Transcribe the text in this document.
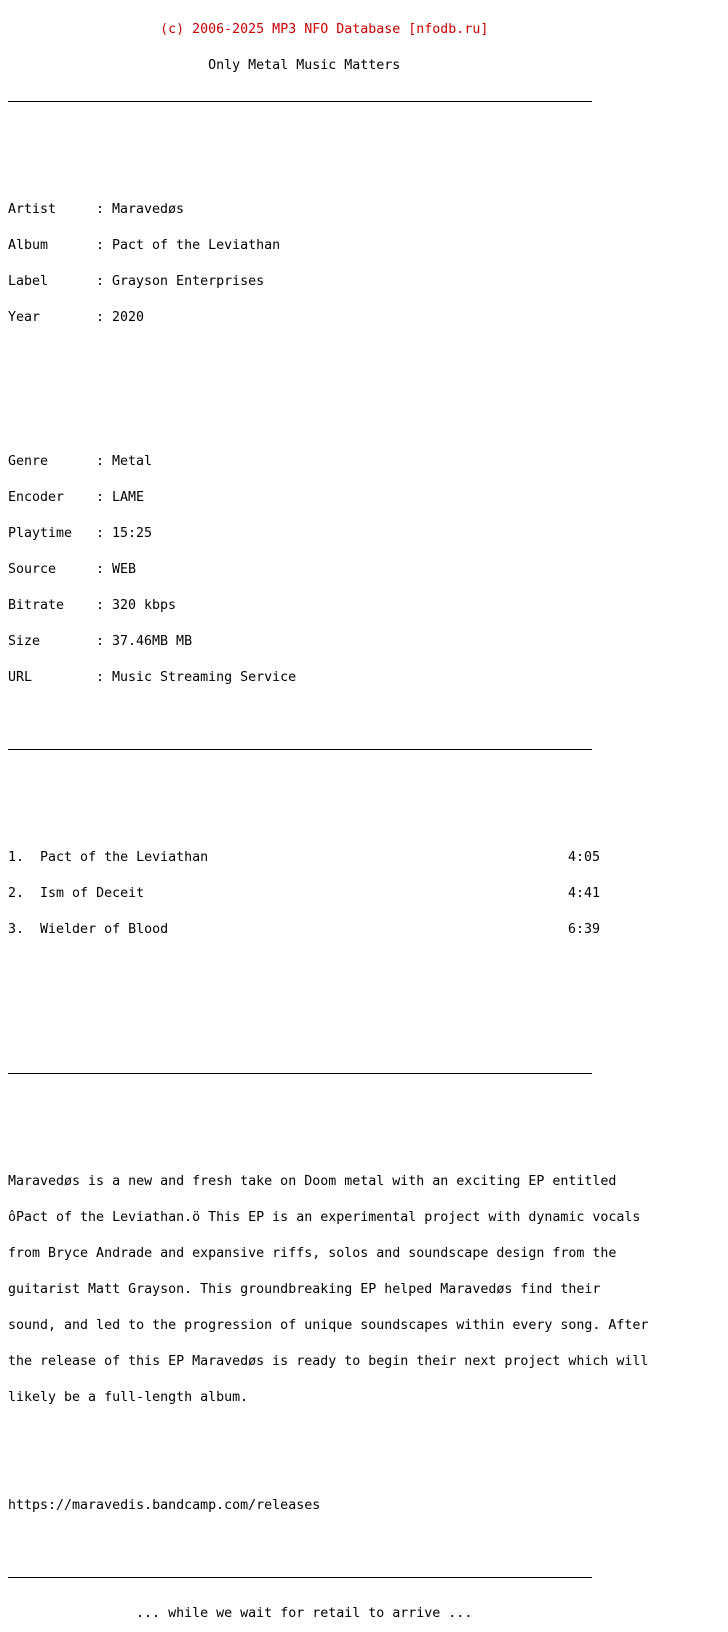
(c) 2006-2025 MP3 NFO Database [nfodb.ru]

Only Metal Music Matters

Artist	: Maravedøs

Album	: Pact of the Leviathan

Label	: Grayson Enterprises

Year	: 2020

Genre	: Metal

Encoder : LAME

Playtime : 15:25

Source	: WEB

Bitrate : 320 kbps

Size	: 37.46MB MB

URL	: Music Streaming Service

1. Pact of the Leviathan	4:05

2. Ism of Deceit	4:41

3. Wielder of Blood	6:39

Maravedøs is a new and fresh take on Doom metal with an exciting EP entitled

ôPact of the Leviathan.ö This EP is an experimental project with dynamic vocals

from Bryce Andrade and expansive riffs, solos and soundscape design from the

guitarist Matt Grayson. This groundbreaking EP helped Maravedøs find their

sound, and led to the progression of unique soundscapes within every song. After

the release of this EP Maravedøs is ready to begin their next project which will

likely be a full-length album.

https://maravedis.bandcamp.com/releases

... while we wait for retail to arrive ...
